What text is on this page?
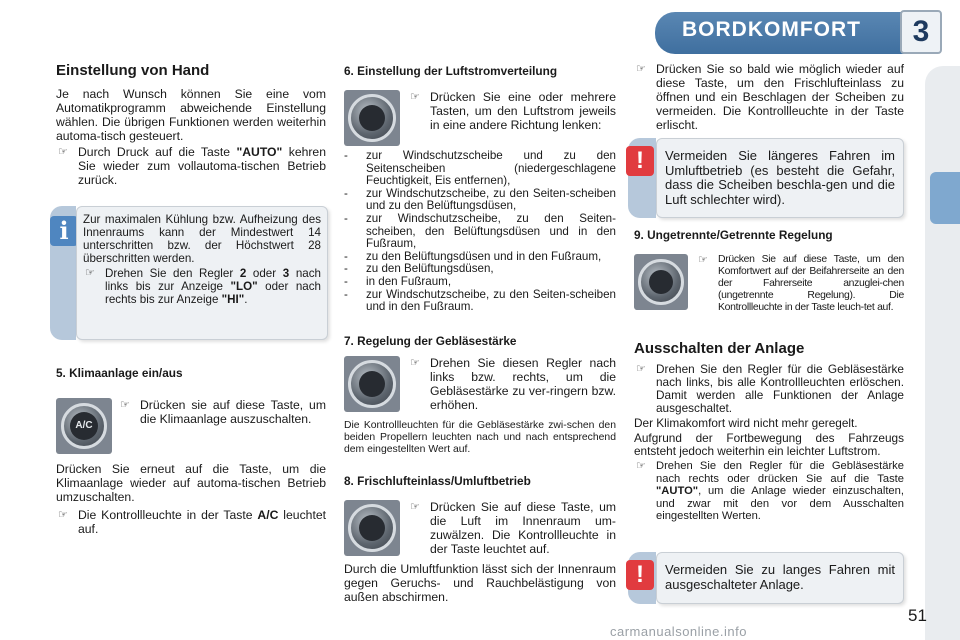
BORDKOMFORT	3
Einstellung von Hand
Je nach Wunsch können Sie eine vom Automatikprogramm abweichende Einstellung wählen. Die übrigen Funktionen werden weiterhin automa-tisch gesteuert.
☞ Durch Druck auf die Taste "AUTO" kehren Sie wieder zum vollautoma-tischen Betrieb zurück.
i	Zur maximalen Kühlung bzw. Aufheizung des Innenraums kann der Mindestwert 14 unterschritten bzw. der Höchstwert 28 überschritten werden.
☞ Drehen Sie den Regler 2 oder 3 nach links bis zur Anzeige "LO" oder nach rechts bis zur Anzeige "HI".
5. Klimaanlage ein/aus
A/C
☞ Drücken sie auf diese Taste, um die Klimaanlage auszuschalten.
Drücken Sie erneut auf die Taste, um die Klimaanlage wieder auf automa-tischen Betrieb umzuschalten.
☞ Die Kontrollleuchte in der Taste A/C leuchtet auf.
6. Einstellung der Luftstromverteilung
☞ Drücken Sie eine oder mehrere Tasten, um den Luftstrom jeweils in eine andere Richtung lenken:
- zur Windschutzscheibe und zu den Seitenscheiben (niedergeschlagene Feuchtigkeit, Eis entfernen),
- zur Windschutzscheibe, zu den Seiten-scheiben und zu den Belüftungsdüsen,
- zur Windschutzscheibe, zu den Seiten-scheiben, den Belüftungsdüsen und in den Fußraum,
- zu den Belüftungsdüsen und in den Fußraum,
- zu den Belüftungsdüsen,
- in den Fußraum,
- zur Windschutzscheibe, zu den Seiten-scheiben und in den Fußraum.
7. Regelung der Gebläsestärke
☞ Drehen Sie diesen Regler nach links bzw. rechts, um die Gebläsestärke zu ver-ringern bzw. erhöhen.
Die Kontrollleuchten für die Gebläsestärke zwi-schen den beiden Propellern leuchten nach und nach entsprechend dem eingestellten Wert auf.
8. Frischlufteinlass/Umluftbetrieb
☞ Drücken Sie auf diese Taste, um die Luft im Innenraum um-zuwälzen. Die Kontrollleuchte in der Taste leuchtet auf.
Durch die Umluftfunktion lässt sich der Innenraum gegen Geruchs- und Rauchbelästigung von außen abschirmen.
☞ Drücken Sie so bald wie möglich wieder auf diese Taste, um den Frischlufteinlass zu öffnen und ein Beschlagen der Scheiben zu vermeiden. Die Kontrollleuchte in der Taste erlischt.
!	Vermeiden Sie längeres Fahren im Umluftbetrieb (es besteht die Gefahr, dass die Scheiben beschla-gen und die Luft schlechter wird).
9. Ungetrennte/Getrennte Regelung
☞ Drücken Sie auf diese Taste, um den Komfortwert auf der Beifahrerseite an den der Fahrerseite anzuglei-chen (ungetrennte Regelung). Die Kontrollleuchte in der Taste leuch-tet auf.
Ausschalten der Anlage
☞ Drehen Sie den Regler für die Gebläsestärke nach links, bis alle Kontrollleuchten erlöschen. Damit werden alle Funktionen der Anlage ausgeschaltet.
Der Klimakomfort wird nicht mehr geregelt.
Aufgrund der Fortbewegung des Fahrzeugs entsteht jedoch weiterhin ein leichter Luftstrom.
☞ Drehen Sie den Regler für die Gebläsestärke nach rechts oder drücken Sie auf die Taste "AUTO", um die Anlage wieder einzuschalten, und zwar mit den vor dem Ausschalten eingestellten Werten.
!	Vermeiden Sie zu langes Fahren mit ausgeschalteter Anlage.
51
carmanualsonline.info
